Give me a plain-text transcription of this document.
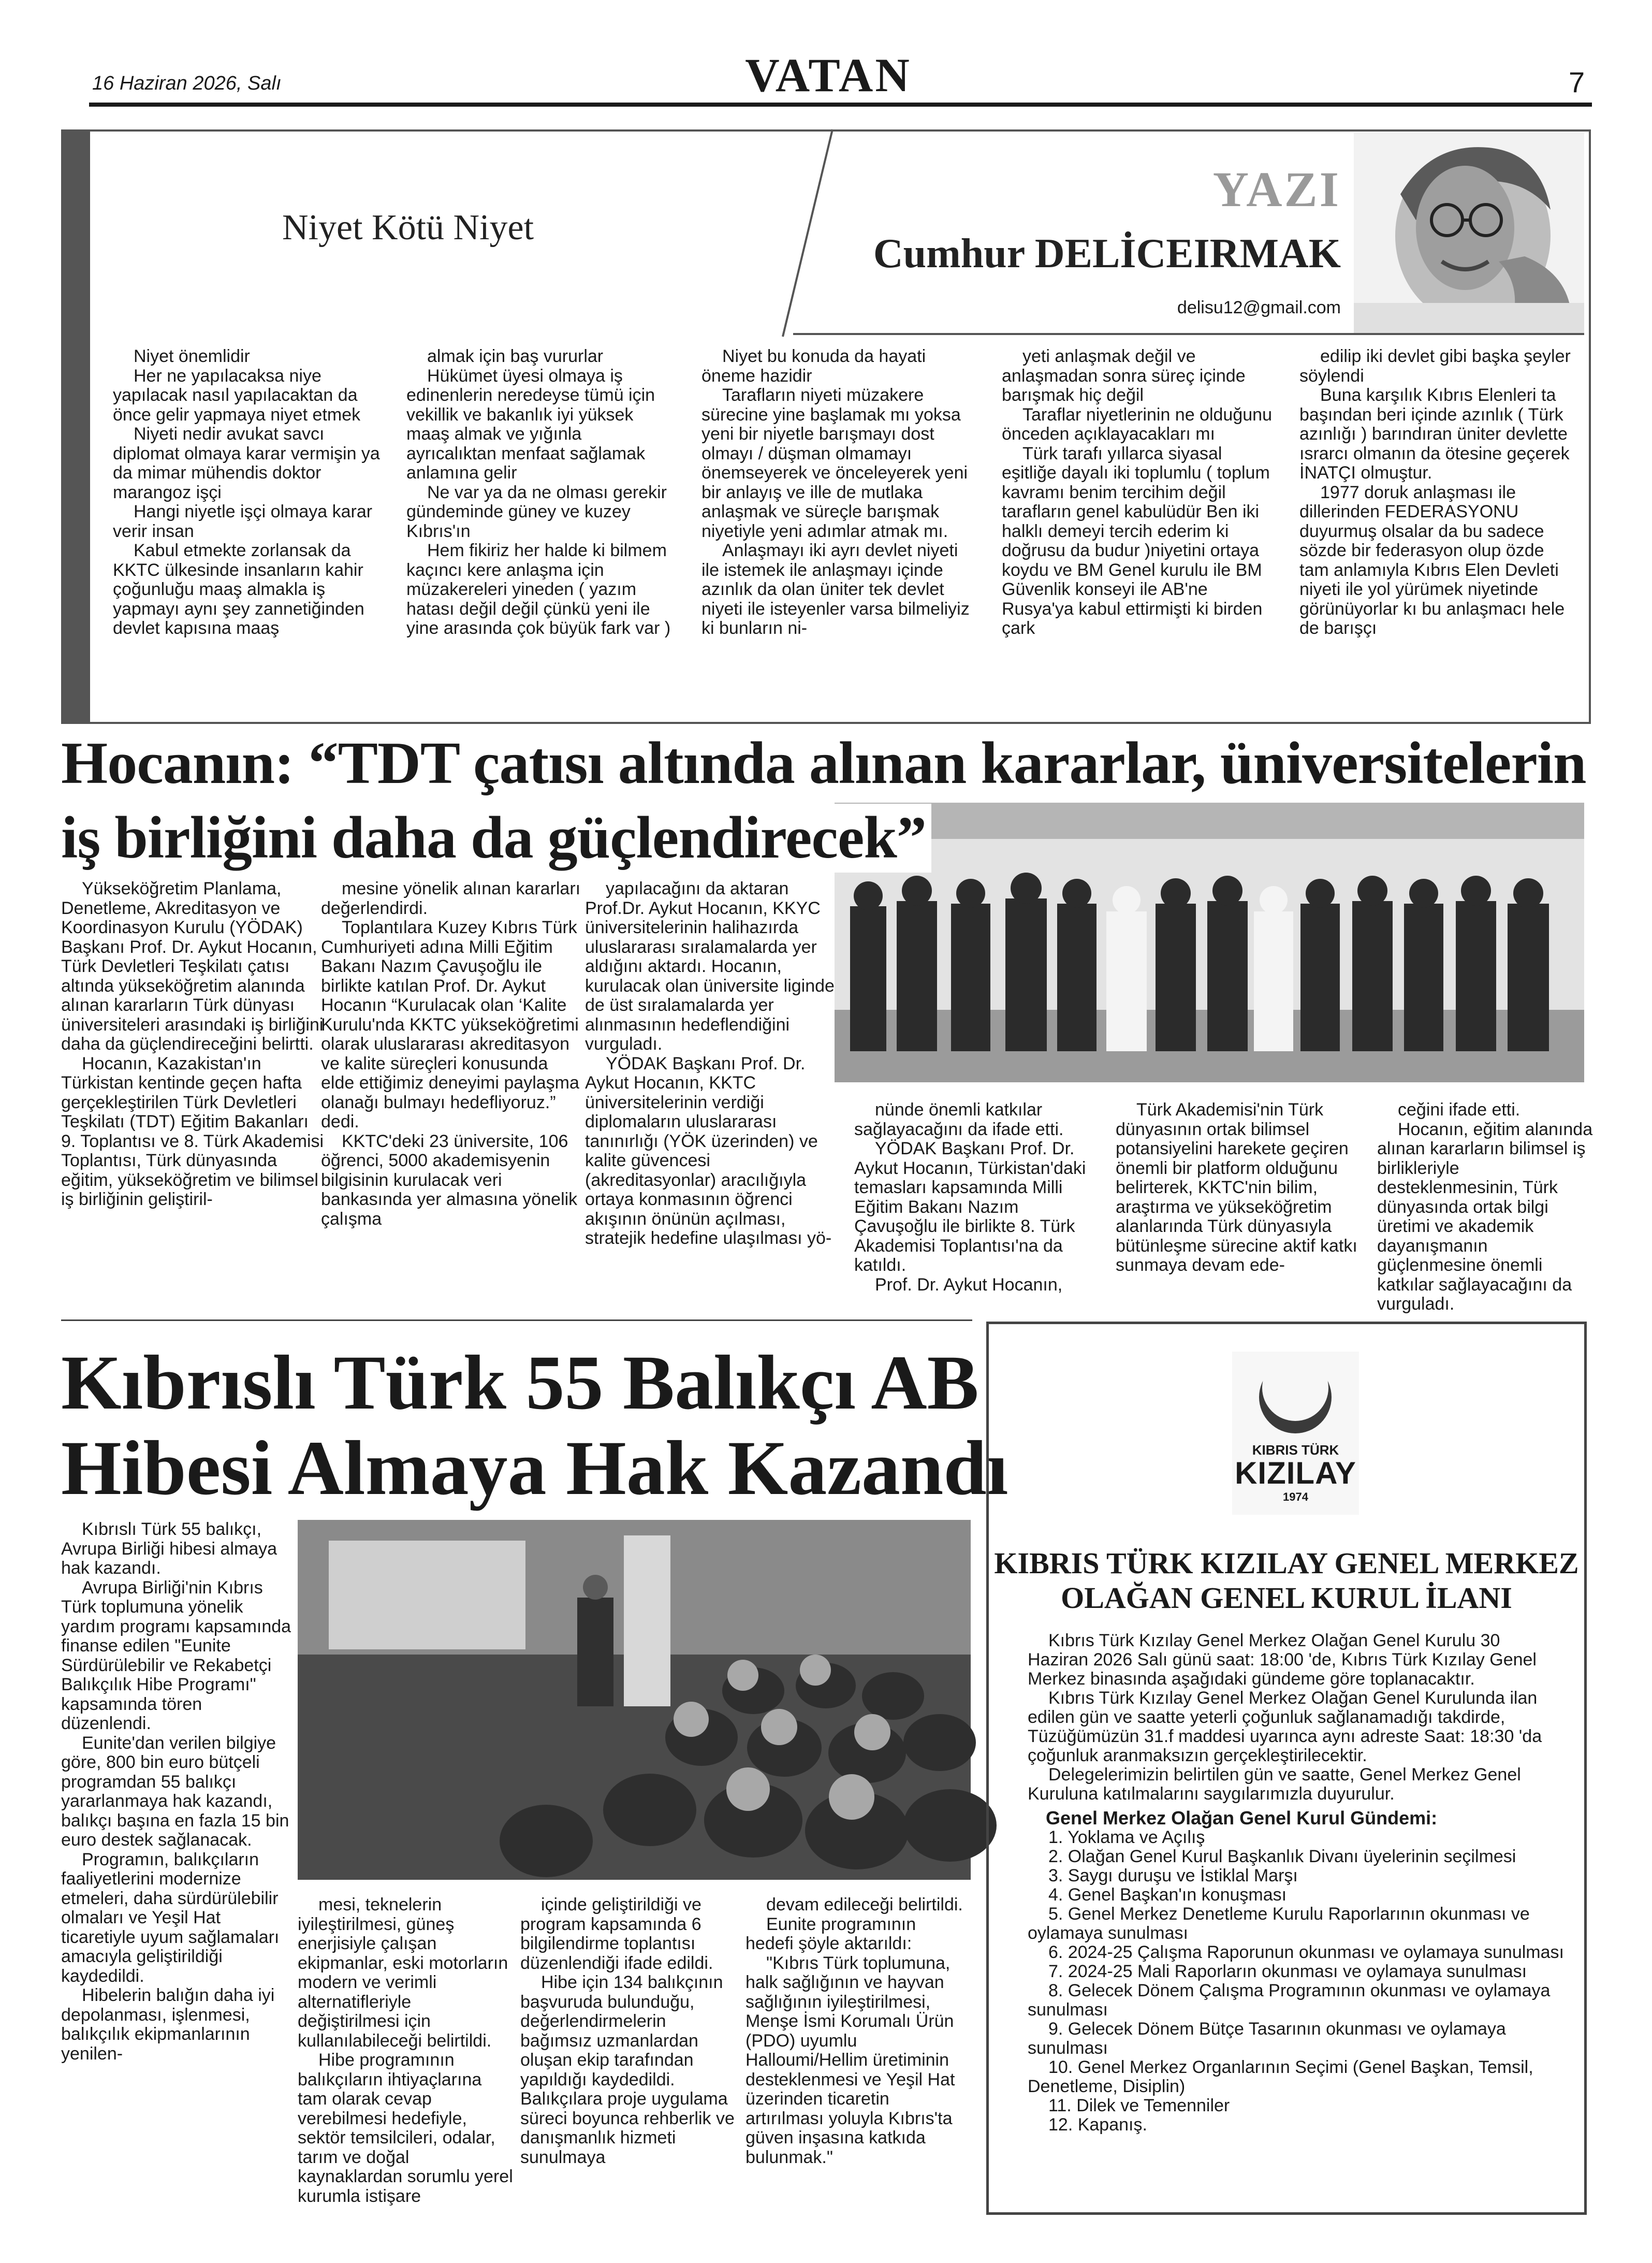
16 Haziran 2026, Salı	VATAN	7
Niyet Kötü Niyet
YAZI
Cumhur DELİCEIRMAK
delisu12@gmail.com

Niyet önemlidir

Her ne yapılacaksa niye yapılacak nasıl yapılacaktan da önce gelir yapmaya niyet etmek

Niyeti nedir avukat savcı diplomat olmaya karar vermişin ya da mimar mühendis doktor marangoz işçi

Hangi niyetle işçi olmaya karar verir insan

Kabul etmekte zorlansak da KKTC ülkesinde insanların kahir çoğunluğu maaş almakla iş yapmayı aynı şey zannetiğinden devlet kapısına maaş

almak için baş vururlar

Hükümet üyesi olmaya iş edinenlerin neredeyse tümü için vekillik ve bakanlık iyi yüksek maaş almak ve yığınla ayrıcalıktan menfaat sağlamak anlamına gelir

Ne var ya da ne olması gerekir gündeminde güney ve kuzey Kıbrıs'ın

Hem fikiriz her halde ki bilmem kaçıncı kere anlaşma için müzakereleri yineden ( yazım hatası değil değil çünkü yeni ile yine arasında çok büyük fark var )

Niyet bu konuda da hayati öneme hazidir

Tarafların niyeti müzakere sürecine yine başlamak mı yoksa yeni bir niyetle barışmayı dost olmayı / düşman olmamayı önemseyerek ve önceleyerek yeni bir anlayış ve ille de mutlaka anlaşmak ve süreçle barışmak niyetiyle yeni adımlar atmak mı.

Anlaşmayı iki ayrı devlet niyeti ile istemek ile anlaşmayı içinde azınlık da olan üniter tek devlet niyeti ile isteyenler varsa bilmeliyiz ki bunların ni-

yeti anlaşmak değil ve anlaşmadan sonra süreç içinde barışmak hiç değil

Taraflar niyetlerinin ne olduğunu önceden açıklayacakları mı

Türk tarafı yıllarca siyasal eşitliğe dayalı iki toplumlu ( toplum kavramı benim tercihim değil tarafların genel kabulüdür Ben iki halklı demeyi tercih ederim ki doğrusu da budur )niyetini ortaya koydu ve BM Genel kurulu ile BM Güvenlik konseyi ile AB'ne Rusya'ya kabul ettirmişti ki birden çark

edilip iki devlet gibi başka şeyler söylendi

Buna karşılık Kıbrıs Elenleri ta başından beri içinde azınlık ( Türk azınlığı ) barındıran üniter devlette ısrarcı olmanın da ötesine geçerek İNATÇI olmuştur.

1977 doruk anlaşması ile dillerinden FEDERASYONU duyurmuş olsalar da bu sadece sözde bir federasyon olup özde tam anlamıyla Kıbrıs Elen Devleti niyeti ile yol yürümek niyetinde görünüyorlar kı bu anlaşmacı hele de barışçı

Hocanın: “TDT çatısı altında alınan kararlar, üniversitelerin
iş birliğini daha da güçlendirecek”

Yükseköğretim Planlama, Denetleme, Akreditasyon ve Koordinasyon Kurulu (YÖDAK) Başkanı Prof. Dr. Aykut Hocanın, Türk Devletleri Teşkilatı çatısı altında yükseköğretim alanında alınan kararların Türk dünyası üniversiteleri arasındaki iş birliğini daha da güçlendireceğini belirtti.

Hocanın, Kazakistan'ın Türkistan kentinde geçen hafta gerçekleştirilen Türk Devletleri Teşkilatı (TDT) Eğitim Bakanları 9. Toplantısı ve 8. Türk Akademisi Toplantısı, Türk dünyasında eğitim, yükseköğretim ve bilimsel iş birliğinin geliştiril-

mesine yönelik alınan kararları değerlendirdi.

Toplantılara Kuzey Kıbrıs Türk Cumhuriyeti adına Milli Eğitim Bakanı Nazım Çavuşoğlu ile birlikte katılan Prof. Dr. Aykut Hocanın “Kurulacak olan ‘Kalite Kurulu'nda KKTC yükseköğretimi olarak uluslararası akreditasyon ve kalite süreçleri konusunda elde ettiğimiz deneyimi paylaşma olanağı bulmayı hedefliyoruz.” dedi.

KKTC'deki 23 üniversite, 106 öğrenci, 5000 akademisyenin bilgisinin kurulacak veri bankasında yer almasına yönelik çalışma

yapılacağını da aktaran Prof.Dr. Aykut Hocanın, KKYC üniversitelerinin halihazırda uluslararası sıralamalarda yer aldığını aktardı. Hocanın, kurulacak olan üniversite liginde de üst sıralamalarda yer alınmasının hedeflendiğini vurguladı.

YÖDAK Başkanı Prof. Dr. Aykut Hocanın, KKTC üniversitelerinin verdiği diplomaların uluslararası tanınırlığı (YÖK üzerinden) ve kalite güvencesi (akreditasyonlar) aracılığıyla ortaya konmasının öğrenci akışının önünün açılması, stratejik hedefine ulaşılması yö-

nünde önemli katkılar sağlayacağını da ifade etti.

YÖDAK Başkanı Prof. Dr. Aykut Hocanın, Türkistan'daki temasları kapsamında Milli Eğitim Bakanı Nazım Çavuşoğlu ile birlikte 8. Türk Akademisi Toplantısı'na da katıldı.

Prof. Dr. Aykut Hocanın,

Türk Akademisi'nin Türk dünyasının ortak bilimsel potansiyelini harekete geçiren önemli bir platform olduğunu belirterek, KKTC'nin bilim, araştırma ve yükseköğretim alanlarında Türk dünyasıyla bütünleşme sürecine aktif katkı sunmaya devam ede-

ceğini ifade etti.

Hocanın, eğitim alanında alınan kararların bilimsel iş birlikleriyle desteklenmesinin, Türk dünyasında ortak bilgi üretimi ve akademik dayanışmanın güçlenmesine önemli katkılar sağlayacağını da vurguladı.

Kıbrıslı Türk 55 Balıkçı AB
Hibesi Almaya Hak Kazandı

Kıbrıslı Türk 55 balıkçı, Avrupa Birliği hibesi almaya hak kazandı.

Avrupa Birliği'nin Kıbrıs Türk toplumuna yönelik yardım programı kapsamında finanse edilen "Eunite Sürdürülebilir ve Rekabetçi Balıkçılık Hibe Programı" kapsamında tören düzenlendi.

Eunite'dan verilen bilgiye göre, 800 bin euro bütçeli programdan 55 balıkçı yararlanmaya hak kazandı, balıkçı başına en fazla 15 bin euro destek sağlanacak.

Programın, balıkçıların faaliyetlerini modernize etmeleri, daha sürdürülebilir olmaları ve Yeşil Hat ticaretiyle uyum sağlamaları amacıyla geliştirildiği kaydedildi.

Hibelerin balığın daha iyi depolanması, işlenmesi, balıkçılık ekipmanlarının yenilen-

mesi, teknelerin iyileştirilmesi, güneş enerjisiyle çalışan ekipmanlar, eski motorların modern ve verimli alternatifleriyle değiştirilmesi için kullanılabileceği belirtildi.

Hibe programının balıkçıların ihtiyaçlarına tam olarak cevap verebilmesi hedefiyle, sektör temsilcileri, odalar, tarım ve doğal kaynaklardan sorumlu yerel kurumla istişare

içinde geliştirildiği ve program kapsamında 6 bilgilendirme toplantısı düzenlendiği ifade edildi.

Hibe için 134 balıkçının başvuruda bulunduğu, değerlendirmelerin bağımsız uzmanlardan oluşan ekip tarafından yapıldığı kaydedildi. Balıkçılara proje uygulama süreci boyunca rehberlik ve danışmanlık hizmeti sunulmaya

devam edileceği belirtildi.

Eunite programının hedefi şöyle aktarıldı:

"Kıbrıs Türk toplumuna, halk sağlığının ve hayvan sağlığının iyileştirilmesi, Menşe İsmi Korumalı Ürün (PDO) uyumlu Halloumi/Hellim üretiminin desteklenmesi ve Yeşil Hat üzerinden ticaretin artırılması yoluyla Kıbrıs'ta güven inşasına katkıda bulunmak."

KIBRIS TÜRK
KIZILAY
1974
KIBRIS TÜRK KIZILAY GENEL MERKEZ
OLAĞAN GENEL KURUL İLANI

Kıbrıs Türk Kızılay Genel Merkez Olağan Genel Kurulu 30 Haziran 2026 Salı günü saat: 18:00 'de, Kıbrıs Türk Kızılay Genel Merkez binasında aşağıdaki gündeme göre toplanacaktır.

Kıbrıs Türk Kızılay Genel Merkez Olağan Genel Kurulunda ilan edilen gün ve saatte yeterli çoğunluk sağlanamadığı takdirde, Tüzüğümüzün 31.f maddesi uyarınca aynı adreste Saat: 18:30 'da çoğunluk aranmaksızın gerçekleştirilecektir.

Delegelerimizin belirtilen gün ve saatte, Genel Merkez Genel Kuruluna katılmalarını saygılarımızla duyurulur.

Genel Merkez Olağan Genel Kurul Gündemi:

1. Yoklama ve Açılış

2. Olağan Genel Kurul Başkanlık Divanı üyelerinin seçilmesi

3. Saygı duruşu ve İstiklal Marşı

4. Genel Başkan'ın konuşması

5. Genel Merkez Denetleme Kurulu Raporlarının okunması ve oylamaya sunulması

6. 2024-25 Çalışma Raporunun okunması ve oylamaya sunulması

7. 2024-25 Mali Raporların okunması ve oylamaya sunulması

8. Gelecek Dönem Çalışma Programının okunması ve oylamaya sunulması

9. Gelecek Dönem Bütçe Tasarının okunması ve oylamaya sunulması

10. Genel Merkez Organlarının Seçimi (Genel Başkan, Temsil, Denetleme, Disiplin)

11. Dilek ve Temenniler

12. Kapanış.
